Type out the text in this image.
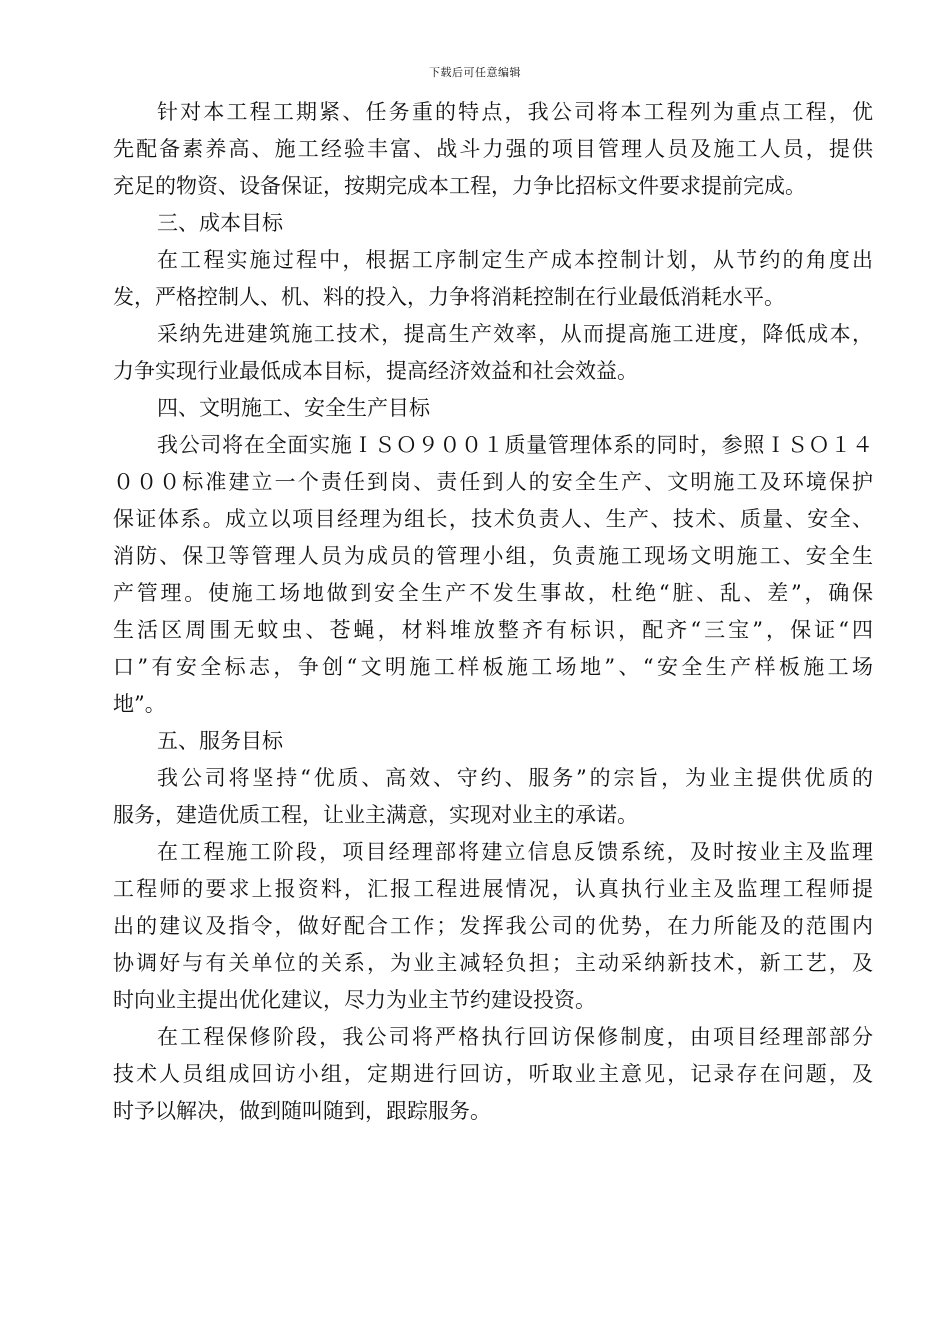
下载后可任意编辑
针对本工程工期紧、任务重的特点，我公司将本工程列为重点工程，优
先配备素养高、施工经验丰富、战斗力强的项目管理人员及施工人员，提供
充足的物资、设备保证，按期完成本工程，力争比招标文件要求提前完成。
三、成本目标
在工程实施过程中，根据工序制定生产成本控制计划，从节约的角度出
发，严格控制人、机、料的投入，力争将消耗控制在行业最低消耗水平。
采纳先进建筑施工技术，提高生产效率，从而提高施工进度，降低成本，
力争实现行业最低成本目标，提高经济效益和社会效益。
四、文明施工、安全生产目标
我公司将在全面实施ＩＳＯ９００１质量管理体系的同时，参照ＩＳＯ１４
０００标准建立一个责任到岗、责任到人的安全生产、文明施工及环境保护
保证体系。成立以项目经理为组长，技术负责人、生产、技术、质量、安全、
消防、保卫等管理人员为成员的管理小组，负责施工现场文明施工、安全生
产管理。使施工场地做到安全生产不发生事故，杜绝“脏、乱、差”，确保
生活区周围无蚊虫、苍蝇，材料堆放整齐有标识，配齐“三宝”，保证“四
口”有安全标志，争创“文明施工样板施工场地”、“安全生产样板施工场
地”。
五、服务目标
我公司将坚持“优质、高效、守约、服务”的宗旨，为业主提供优质的
服务，建造优质工程，让业主满意，实现对业主的承诺。
在工程施工阶段，项目经理部将建立信息反馈系统，及时按业主及监理
工程师的要求上报资料，汇报工程进展情况，认真执行业主及监理工程师提
出的建议及指令，做好配合工作；发挥我公司的优势，在力所能及的范围内
协调好与有关单位的关系，为业主减轻负担；主动采纳新技术，新工艺，及
时向业主提出优化建议，尽力为业主节约建设投资。
在工程保修阶段，我公司将严格执行回访保修制度，由项目经理部部分
技术人员组成回访小组，定期进行回访，听取业主意见，记录存在问题，及
时予以解决，做到随叫随到，跟踪服务。
